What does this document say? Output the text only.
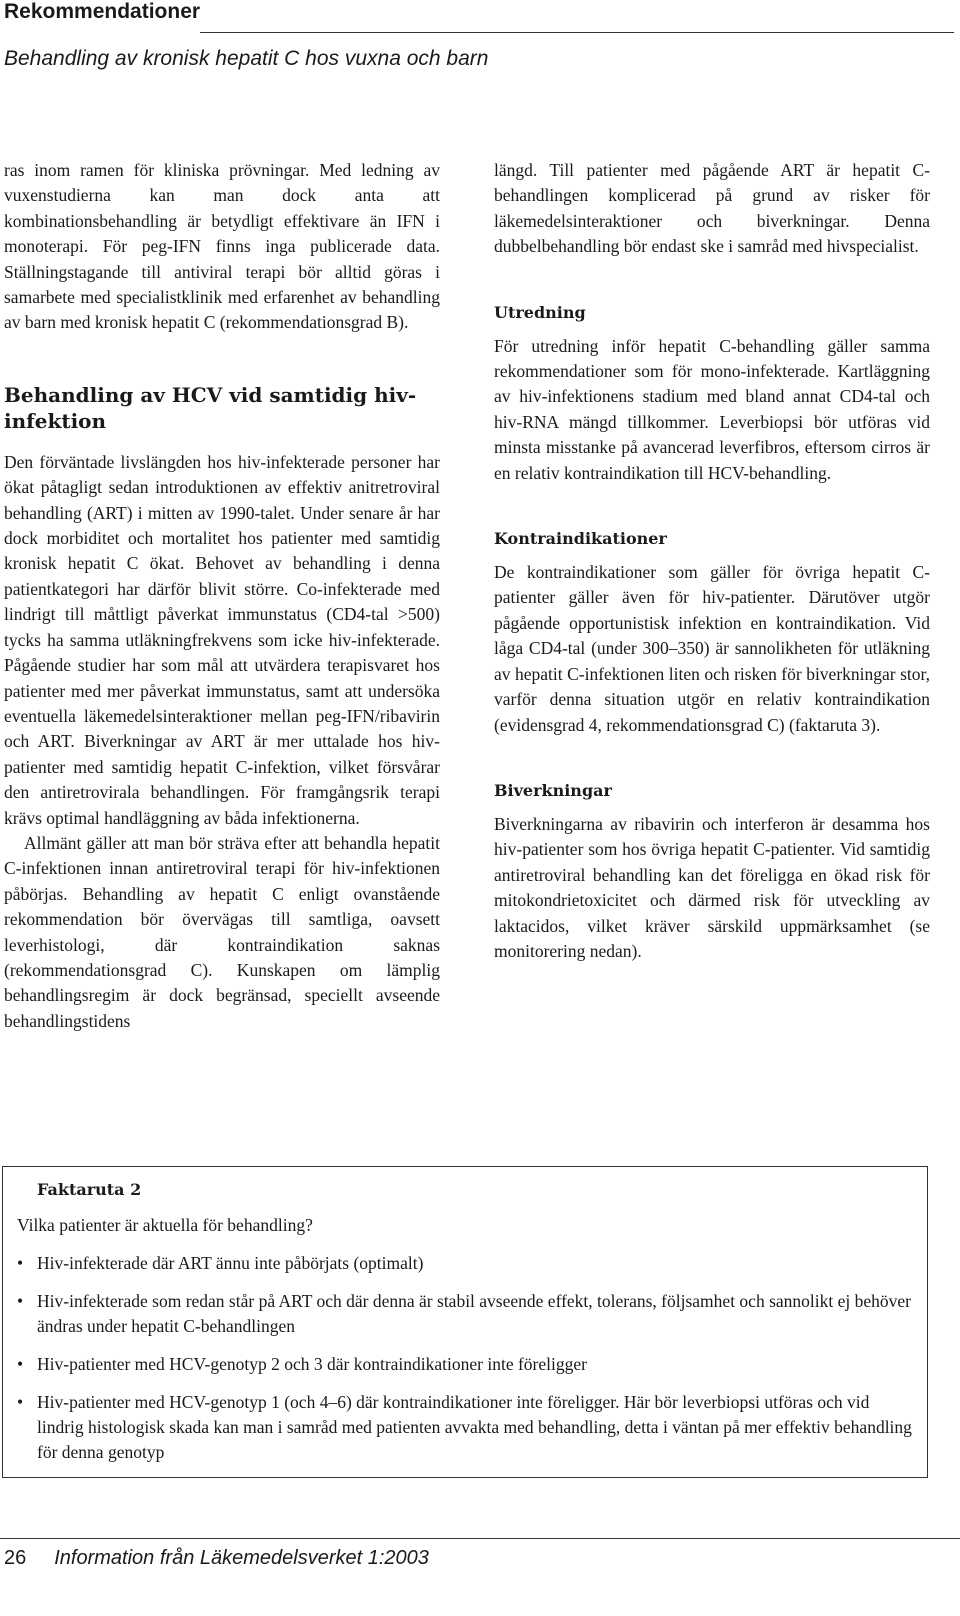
Rekommendationer
Behandling av kronisk hepatit C hos vuxna och barn

ras inom ramen för kliniska prövningar. Med ledning av vuxenstudierna kan man dock anta att kombinationsbehandling är betydligt effektivare än IFN i monoterapi. För peg-IFN finns inga publicerade data. Ställningstagande till antiviral terapi bör alltid göras i samarbete med specialistklinik med erfarenhet av behandling av barn med kronisk hepatit C (rekommendationsgrad B).

Behandling av HCV vid samtidig hiv-infektion

Den förväntade livslängden hos hiv-infekterade personer har ökat påtagligt sedan introduktionen av effektiv anitretroviral behandling (ART) i mitten av 1990-talet. Under senare år har dock morbiditet och mortalitet hos patienter med samtidig kronisk hepatit C ökat. Behovet av behandling i denna patientkategori har därför blivit större. Co-infekterade med lindrigt till måttligt påverkat immunstatus (CD4-tal >500) tycks ha samma utläkningfrekvens som icke hiv-infekterade. Pågående studier har som mål att utvärdera terapisvaret hos patienter med mer påverkat immunstatus, samt att undersöka eventuella läkemedelsinteraktioner mellan peg-IFN/ribavirin och ART. Biverkningar av ART är mer uttalade hos hiv-patienter med samtidig hepatit C-infektion, vilket försvårar den antiretrovirala behandlingen. För framgångsrik terapi krävs optimal handläggning av båda infektionerna.

Allmänt gäller att man bör sträva efter att behandla hepatit C-infektionen innan antiretroviral terapi för hiv-infektionen påbörjas. Behandling av hepatit C enligt ovanstående rekommendation bör övervägas till samtliga, oavsett leverhistologi, där kontraindikation saknas (rekommendationsgrad C). Kunskapen om lämplig behandlingsregim är dock begränsad, speciellt avseende behandlingstidens

längd. Till patienter med pågående ART är hepatit C-behandlingen komplicerad på grund av risker för läkemedelsinteraktioner och biverkningar. Denna dubbelbehandling bör endast ske i samråd med hivspecialist.

Utredning

För utredning inför hepatit C-behandling gäller samma rekommendationer som för mono-infekterade. Kartläggning av hiv-infektionens stadium med bland annat CD4-tal och hiv-RNA mängd tillkommer. Leverbiopsi bör utföras vid minsta misstanke på avancerad leverfibros, eftersom cirros är en relativ kontraindikation till HCV-behandling.

Kontraindikationer

De kontraindikationer som gäller för övriga hepatit C-patienter gäller även för hiv-patienter. Därutöver utgör pågående opportunistisk infektion en kontraindikation. Vid låga CD4-tal (under 300–350) är sannolikheten för utläkning av hepatit C-infektionen liten och risken för biverkningar stor, varför denna situation utgör en relativ kontraindikation (evidensgrad 4, rekommendationsgrad C) (faktaruta 3).

Biverkningar

Biverkningarna av ribavirin och interferon är desamma hos hiv-patienter som hos övriga hepatit C-patienter. Vid samtidig antiretroviral behandling kan det föreligga en ökad risk för mitokondrietoxicitet och därmed risk för utveckling av laktacidos, vilket kräver särskild uppmärksamhet (se monitorering nedan).

Faktaruta 2
Vilka patienter är aktuella för behandling?
• Hiv-infekterade där ART ännu inte påbörjats (optimalt)
• Hiv-infekterade som redan står på ART och där denna är stabil avseende effekt, tolerans, följsamhet och sannolikt ej behöver ändras under hepatit C-behandlingen
• Hiv-patienter med HCV-genotyp 2 och 3 där kontraindikationer inte föreligger
• Hiv-patienter med HCV-genotyp 1 (och 4–6) där kontraindikationer inte föreligger. Här bör leverbiopsi utföras och vid lindrig histologisk skada kan man i samråd med patienten avvakta med behandling, detta i väntan på mer effektiv behandling för denna genotyp
26 Information från Läkemedelsverket 1:2003
